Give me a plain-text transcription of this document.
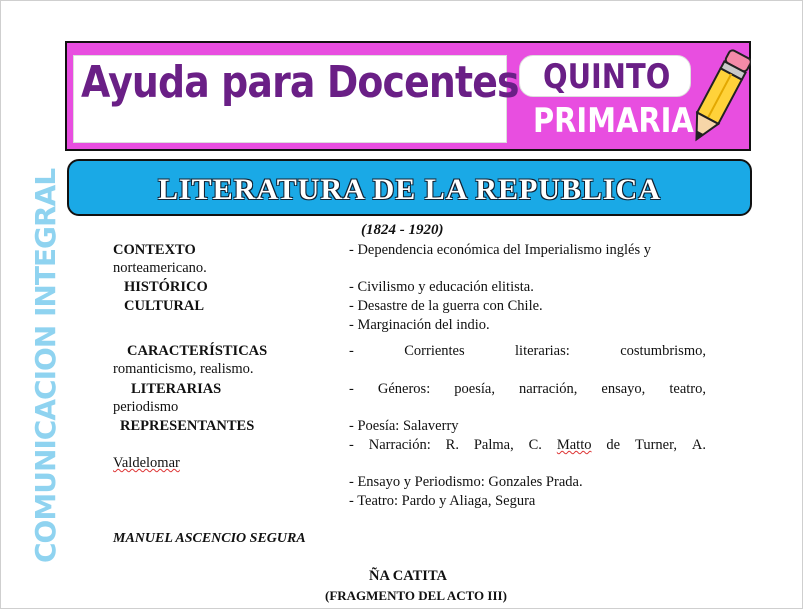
Ayuda para Docentes QUINTO
PRIMARIA
LITERATURA DE LA REPUBLICA
COMUNICACION INTEGRAL	(1824 - 1920)
CONTEXTO	- Dependencia económica del Imperialismo inglés y
norteamericano.
HISTÓRICO	- Civilismo y educación elitista.
CULTURAL	- Desastre de la guerra con Chile.
- Marginación del indio.
CARACTERÍSTICAS	-	Corrientes	literarias:	costumbrismo,
romanticismo, realismo.
LITERARIAS	- Géneros: poesía, narración, ensayo, teatro,
periodismo
REPRESENTANTES	- Poesía: Salaverry
- Narración: R. Palma, C. Matto de Turner, A.
Valdelomar
- Ensayo y Periodismo: Gonzales Prada.
- Teatro: Pardo y Aliaga, Segura
MANUEL ASCENCIO SEGURA
ÑA CATITA
(FRAGMENTO DEL ACTO III)
